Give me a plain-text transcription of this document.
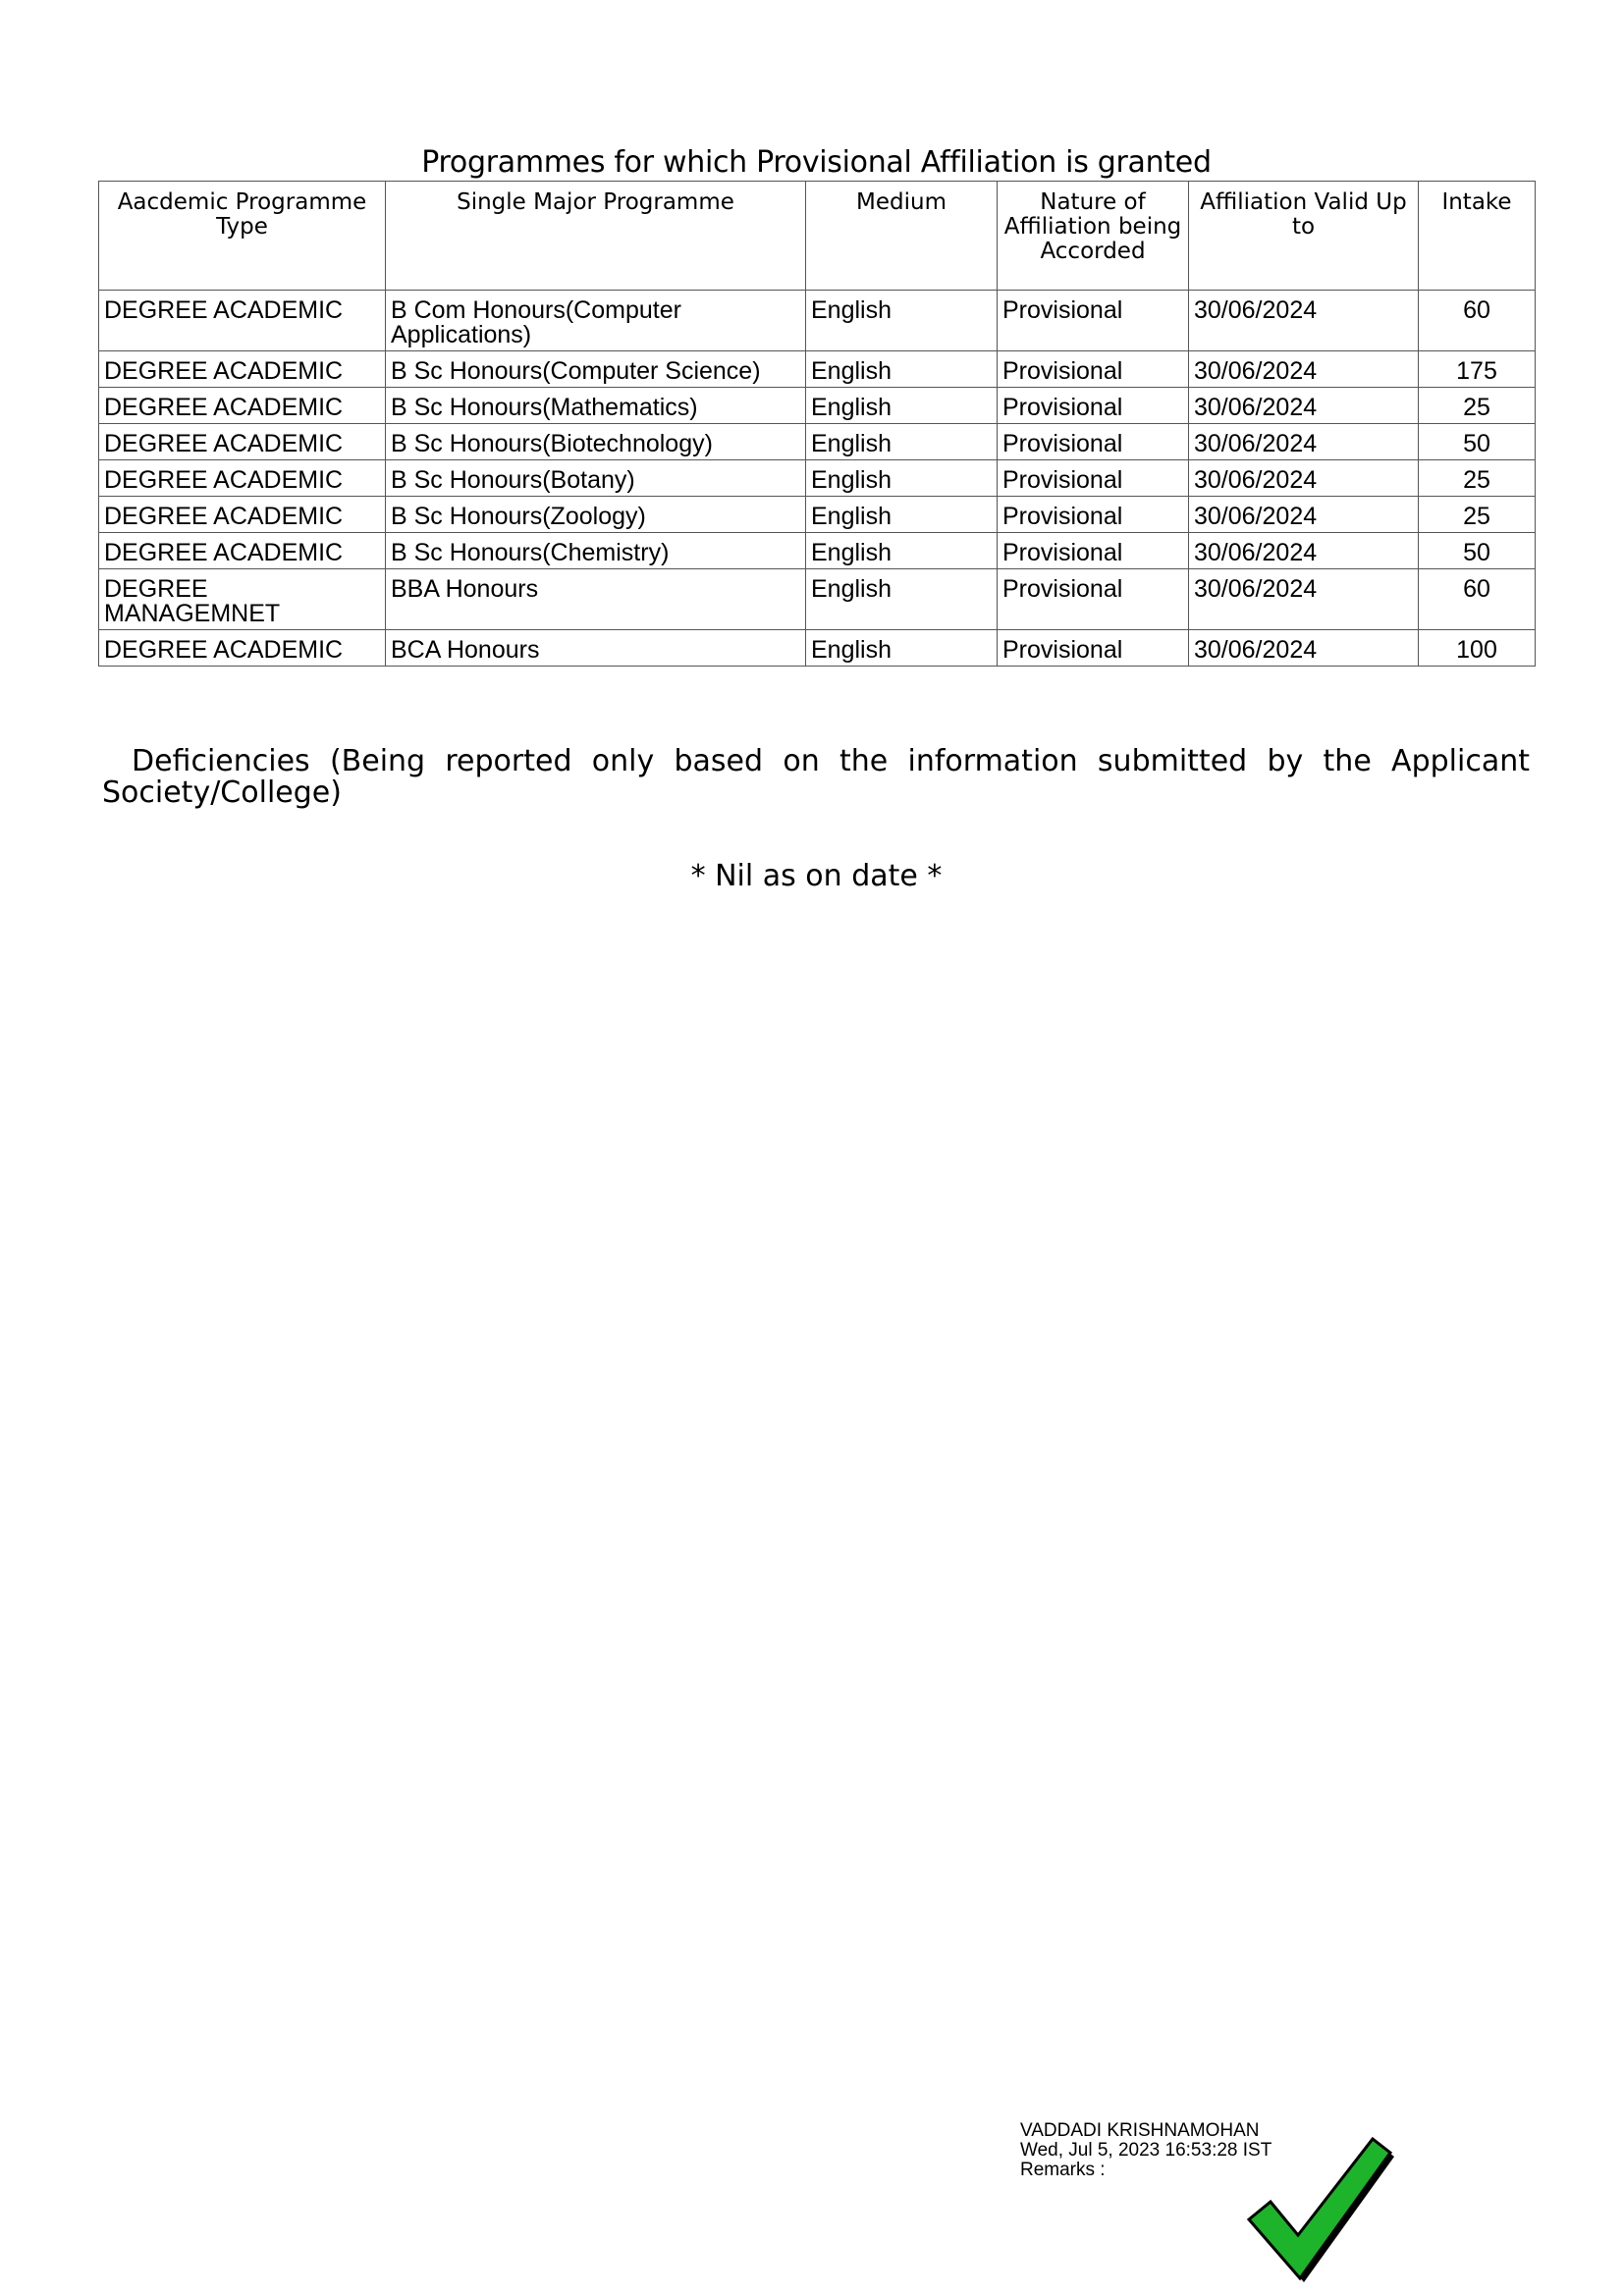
Programmes for which Provisional Affiliation is granted
Aacdemic Programme Type	Single Major Programme	Medium	Nature of Affiliation being Accorded	Affiliation Valid Up to	Intake
DEGREE ACADEMIC	B Com Honours(Computer Applications)	English	Provisional	30/06/2024	60
DEGREE ACADEMIC	B Sc Honours(Computer Science)	English	Provisional	30/06/2024	175
DEGREE ACADEMIC	B Sc Honours(Mathematics)	English	Provisional	30/06/2024	25
DEGREE ACADEMIC	B Sc Honours(Biotechnology)	English	Provisional	30/06/2024	50
DEGREE ACADEMIC	B Sc Honours(Botany)	English	Provisional	30/06/2024	25
DEGREE ACADEMIC	B Sc Honours(Zoology)	English	Provisional	30/06/2024	25
DEGREE ACADEMIC	B Sc Honours(Chemistry)	English	Provisional	30/06/2024	50
DEGREE MANAGEMNET	BBA Honours	English	Provisional	30/06/2024	60
DEGREE ACADEMIC	BCA Honours	English	Provisional	30/06/2024	100
Deficiencies (Being reported only based on the information submitted by the Applicant Society/College)
* Nil as on date *
VADDADI KRISHNAMOHAN
Wed, Jul 5, 2023 16:53:28 IST
Remarks :
